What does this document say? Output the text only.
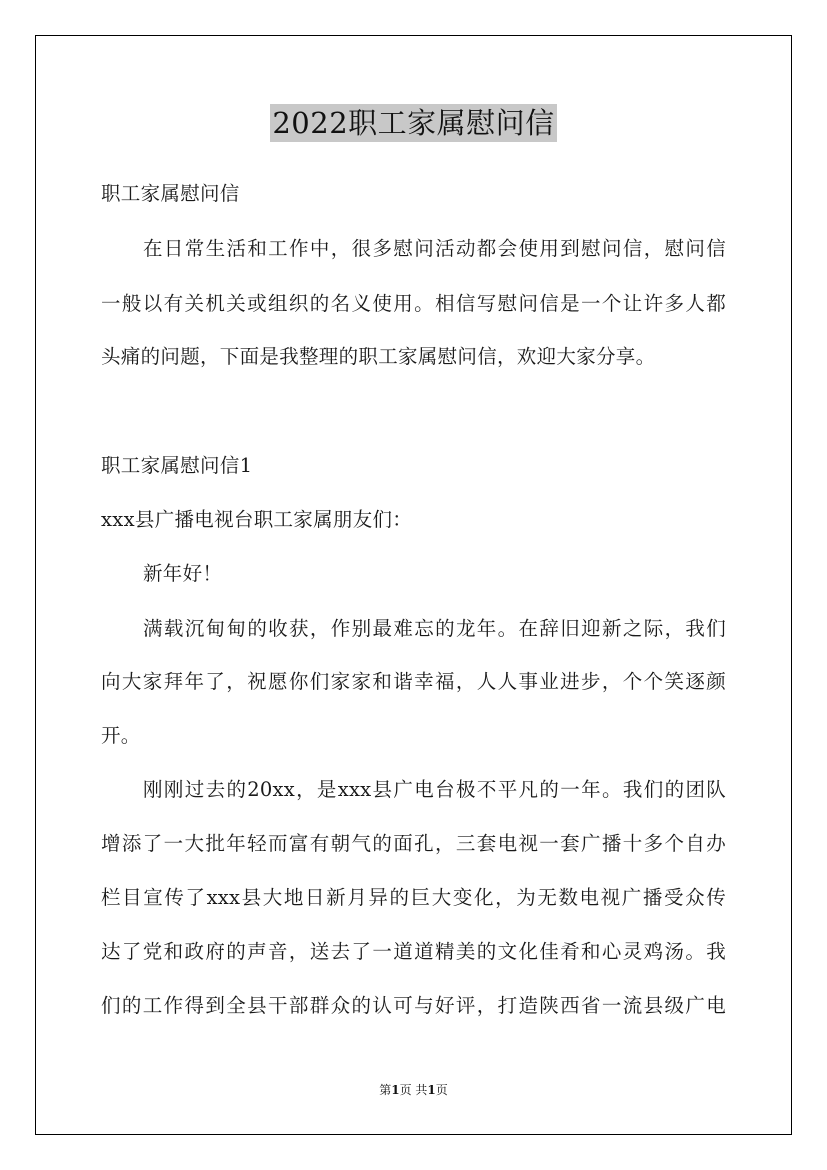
2022职工家属慰问信
职工家属慰问信
在日常生活和工作中，很多慰问活动都会使用到慰问信，慰问信
一般以有关机关或组织的名义使用。相信写慰问信是一个让许多人都
头痛的问题，下面是我整理的职工家属慰问信，欢迎大家分享。
职工家属慰问信1
xxx县广播电视台职工家属朋友们：
新年好！
满载沉甸甸的收获，作别最难忘的龙年。在辞旧迎新之际，我们
向大家拜年了，祝愿你们家家和谐幸福，人人事业进步，个个笑逐颜
开。
刚刚过去的20xx，是xxx县广电台极不平凡的一年。我们的团队
增添了一大批年轻而富有朝气的面孔，三套电视一套广播十多个自办
栏目宣传了xxx县大地日新月异的巨大变化，为无数电视广播受众传
达了党和政府的声音，送去了一道道精美的文化佳肴和心灵鸡汤。我
们的工作得到全县干部群众的认可与好评，打造陕西省一流县级广电
第1页 共1页
